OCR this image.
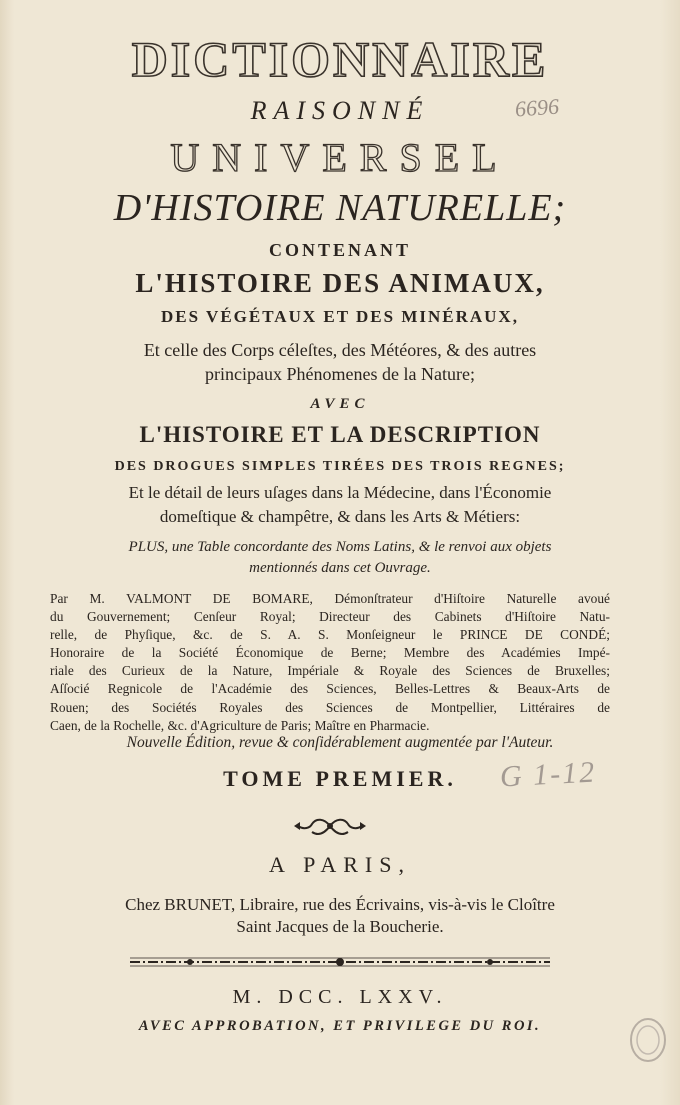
DICTIONNAIRE
RAISONNÉ	6696
UNIVERSEL
D'HISTOIRE NATURELLE;
CONTENANT
L'HISTOIRE DES ANIMAUX,
DES VÉGÉTAUX ET DES MINÉRAUX,
Et celle des Corps céleſtes, des Météores, & des autres
principaux Phénomenes de la Nature;
AVEC
L'HISTOIRE ET LA DESCRIPTION
DES DROGUES SIMPLES TIRÉES DES TROIS REGNES;
Et le détail de leurs uſages dans la Médecine, dans l'Économie
domeſtique & champêtre, & dans les Arts & Métiers:
PLUS, une Table concordante des Noms Latins, & le renvoi aux objets
mentionnés dans cet Ouvrage.
Par M. VALMONT DE BOMARE, Démonſtrateur d'Hiſtoire Naturelle avoué
du Gouvernement; Cenſeur Royal; Directeur des Cabinets d'Hiſtoire Natu-
relle, de Phyſique, &c. de S. A. S. Monſeigneur le PRINCE DE CONDÉ;
Honoraire de la Société Économique de Berne; Membre des Académies Impé-
riale des Curieux de la Nature, Impériale & Royale des Sciences de Bruxelles;
Aſſocié Regnicole de l'Académie des Sciences, Belles-Lettres & Beaux-Arts de
Rouen; des Sociétés Royales des Sciences de Montpellier, Littéraires de
Caen, de la Rochelle, &c. d'Agriculture de Paris; Maître en Pharmacie.
Nouvelle Édition, revue & conſidérablement augmentée par l'Auteur.
TOME PREMIER.	G 1-12
A PARIS,
Chez BRUNET, Libraire, rue des Écrivains, vis-à-vis le Cloître
Saint Jacques de la Boucherie.
M. DCC. LXXV.
AVEC APPROBATION, ET PRIVILEGE DU ROI.
